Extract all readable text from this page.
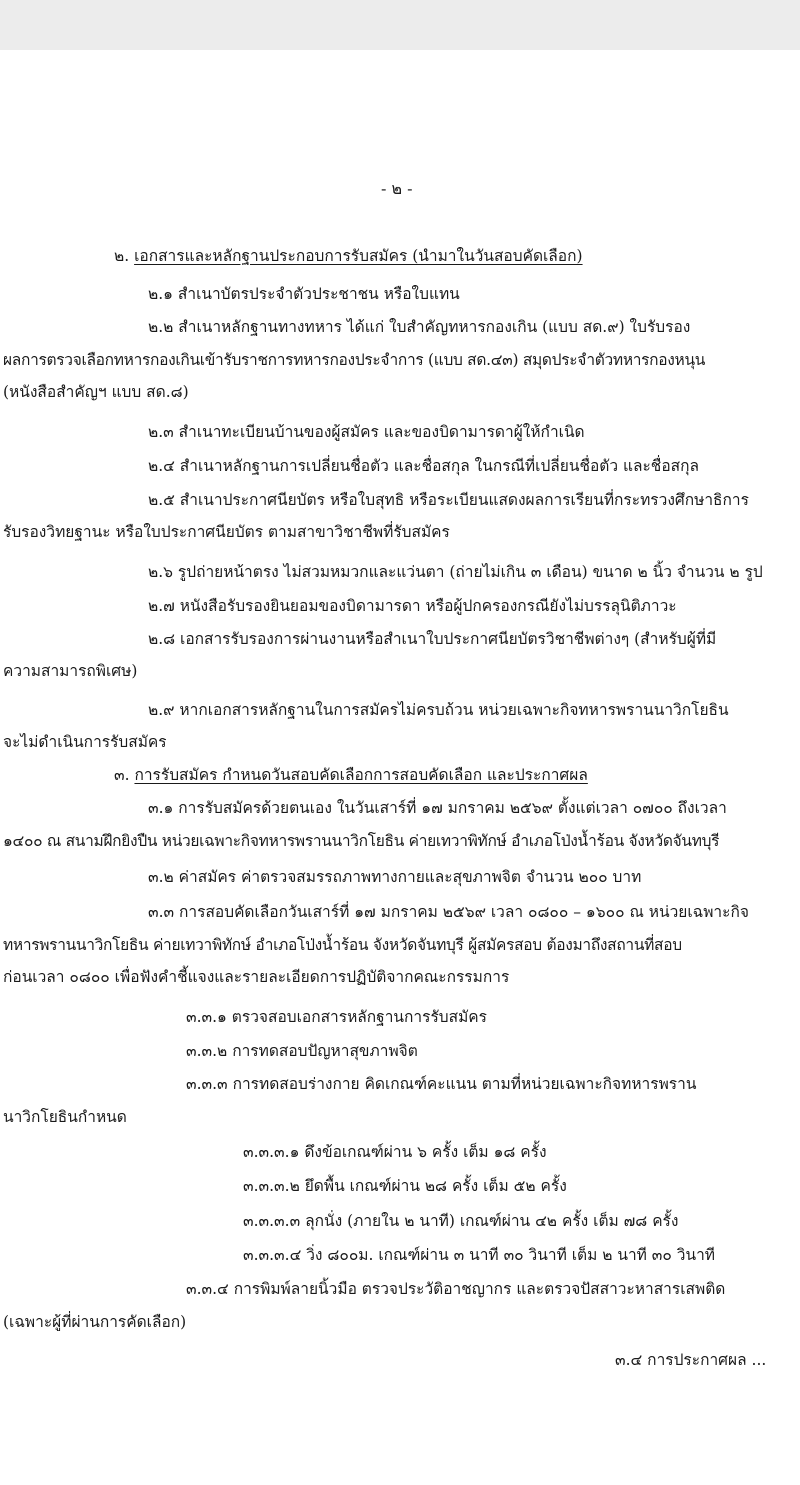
- ๒ -
๒. เอกสารและหลักฐานประกอบการรับสมัคร (นำมาในวันสอบคัดเลือก)
๒.๑ สำเนาบัตรประจำตัวประชาชน หรือใบแทน
๒.๒ สำเนาหลักฐานทางทหาร ได้แก่ ใบสำคัญทหารกองเกิน (แบบ สด.๙) ใบรับรอง
ผลการตรวจเลือกทหารกองเกินเข้ารับราชการทหารกองประจำการ (แบบ สด.๔๓) สมุดประจำตัวทหารกองหนุน
(หนังสือสำคัญฯ แบบ สด.๘)
๒.๓ สำเนาทะเบียนบ้านของผู้สมัคร และของบิดามารดาผู้ให้กำเนิด
๒.๔ สำเนาหลักฐานการเปลี่ยนชื่อตัว และชื่อสกุล ในกรณีที่เปลี่ยนชื่อตัว และชื่อสกุล
๒.๕ สำเนาประกาศนียบัตร หรือใบสุทธิ หรือระเบียนแสดงผลการเรียนที่กระทรวงศึกษาธิการ
รับรองวิทยฐานะ หรือใบประกาศนียบัตร ตามสาขาวิชาชีพที่รับสมัคร
๒.๖ รูปถ่ายหน้าตรง ไม่สวมหมวกและแว่นตา (ถ่ายไม่เกิน ๓ เดือน) ขนาด ๒ นิ้ว จำนวน ๒ รูป
๒.๗ หนังสือรับรองยินยอมของบิดามารดา หรือผู้ปกครองกรณียังไม่บรรลุนิติภาวะ
๒.๘ เอกสารรับรองการผ่านงานหรือสำเนาใบประกาศนียบัตรวิชาชีพต่างๆ (สำหรับผู้ที่มี
ความสามารถพิเศษ)
๒.๙ หากเอกสารหลักฐานในการสมัครไม่ครบถ้วน หน่วยเฉพาะกิจทหารพรานนาวิกโยธิน
จะไม่ดำเนินการรับสมัคร
๓. การรับสมัคร กำหนดวันสอบคัดเลือกการสอบคัดเลือก และประกาศผล
๓.๑ การรับสมัครด้วยตนเอง ในวันเสาร์ที่ ๑๗ มกราคม ๒๕๖๙ ตั้งแต่เวลา ๐๗๐๐ ถึงเวลา
๑๔๐๐ ณ สนามฝึกยิงปืน หน่วยเฉพาะกิจทหารพรานนาวิกโยธิน ค่ายเทวาพิทักษ์ อำเภอโป่งน้ำร้อน จังหวัดจันทบุรี
๓.๒ ค่าสมัคร ค่าตรวจสมรรถภาพทางกายและสุขภาพจิต จำนวน ๒๐๐ บาท
๓.๓ การสอบคัดเลือกวันเสาร์ที่ ๑๗ มกราคม ๒๕๖๙ เวลา ๐๘๐๐ – ๑๖๐๐ ณ หน่วยเฉพาะกิจ
ทหารพรานนาวิกโยธิน ค่ายเทวาพิทักษ์ อำเภอโป่งน้ำร้อน จังหวัดจันทบุรี ผู้สมัครสอบ ต้องมาถึงสถานที่สอบ
ก่อนเวลา ๐๘๐๐ เพื่อฟังคำชี้แจงและรายละเอียดการปฏิบัติจากคณะกรรมการ
๓.๓.๑ ตรวจสอบเอกสารหลักฐานการรับสมัคร
๓.๓.๒ การทดสอบปัญหาสุขภาพจิต
๓.๓.๓ การทดสอบร่างกาย คิดเกณฑ์คะแนน ตามที่หน่วยเฉพาะกิจทหารพราน
นาวิกโยธินกำหนด
๓.๓.๓.๑ ดึงข้อเกณฑ์ผ่าน ๖ ครั้ง เต็ม ๑๘ ครั้ง
๓.๓.๓.๒ ยึดพื้น เกณฑ์ผ่าน ๒๘ ครั้ง เต็ม ๕๒ ครั้ง
๓.๓.๓.๓ ลุกนั่ง (ภายใน ๒ นาที) เกณฑ์ผ่าน ๔๒ ครั้ง เต็ม ๗๘ ครั้ง
๓.๓.๓.๔ วิ่ง ๘๐๐ม. เกณฑ์ผ่าน ๓ นาที ๓๐ วินาที เต็ม ๒ นาที ๓๐ วินาที
๓.๓.๔ การพิมพ์ลายนิ้วมือ ตรวจประวัติอาชญากร และตรวจปัสสาวะหาสารเสพติด
(เฉพาะผู้ที่ผ่านการคัดเลือก)
๓.๔ การประกาศผล ...
